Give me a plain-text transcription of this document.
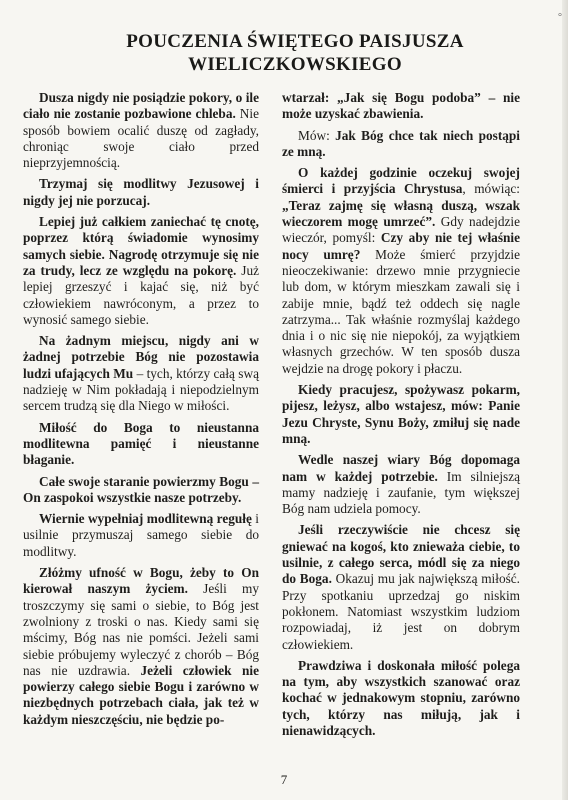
°
POUCZENIA ŚWIĘTEGO PAISJUSZA
WIELICZKOWSKIEGO

Dusza nigdy nie posiądzie pokory, o ile ciało nie zostanie pozbawione chleba. Nie sposób bowiem ocalić duszę od zagłady, chroniąc swoje ciało przed nieprzyjemnością.

Trzymaj się modlitwy Jezusowej i nigdy jej nie porzucaj.

Lepiej już całkiem zaniechać tę cnotę, poprzez którą świadomie wynosimy samych siebie. Nagrodę otrzymuje się nie za trudy, lecz ze względu na pokorę. Już lepiej grzeszyć i kajać się, niż być człowiekiem nawróconym, a przez to wynosić samego siebie.

Na żadnym miejscu, nigdy ani w żadnej potrzebie Bóg nie pozostawia ludzi ufających Mu – tych, którzy całą swą nadzieję w Nim pokładają i niepodzielnym sercem trudzą się dla Niego w miłości.

Miłość do Boga to nieustanna modlitewna pamięć i nieustanne błaganie.

Całe swoje staranie powierzmy Bogu – On zaspokoi wszystkie nasze potrzeby.

Wiernie wypełniaj modlitewną regułę i usilnie przymuszaj samego siebie do modlitwy.

Złóżmy ufność w Bogu, żeby to On kierował naszym życiem. Jeśli my troszczymy się sami o siebie, to Bóg jest zwolniony z troski o nas. Kiedy sami się mścimy, Bóg nas nie pomści. Jeżeli sami siebie próbujemy wyleczyć z chorób – Bóg nas nie uzdrawia. Jeżeli człowiek nie powierzy całego siebie Bogu i zarówno w niezbędnych potrzebach ciała, jak też w każdym nieszczęściu, nie będzie po-

wtarzał: „Jak się Bogu podoba” – nie może uzyskać zbawienia.

Mów: Jak Bóg chce tak niech postąpi ze mną.

O każdej godzinie oczekuj swojej śmierci i przyjścia Chrystusa, mówiąc: „Teraz zajmę się własną duszą, wszak wieczorem mogę umrzeć”. Gdy nadejdzie wieczór, pomyśl: Czy aby nie tej właśnie nocy umrę? Może śmierć przyjdzie nieoczekiwanie: drzewo mnie przygniecie lub dom, w którym mieszkam zawali się i zabije mnie, bądź też oddech się nagle zatrzyma... Tak właśnie rozmyślaj każdego dnia i o nic się nie niepokój, za wyjątkiem własnych grzechów. W ten sposób dusza wejdzie na drogę pokory i płaczu.

Kiedy pracujesz, spożywasz pokarm, pijesz, leżysz, albo wstajesz, mów: Panie Jezu Chryste, Synu Boży, zmiłuj się nade mną.

Wedle naszej wiary Bóg dopomaga nam w każdej potrzebie. Im silniejszą mamy nadzieję i zaufanie, tym większej Bóg nam udziela pomocy.

Jeśli rzeczywiście nie chcesz się gniewać na kogoś, kto znieważa ciebie, to usilnie, z całego serca, módl się za niego do Boga. Okazuj mu jak największą miłość. Przy spotkaniu uprzedzaj go niskim pokłonem. Natomiast wszystkim ludziom rozpowiadaj, iż jest on dobrym człowiekiem.

Prawdziwa i doskonała miłość polega na tym, aby wszystkich szanować oraz kochać w jednakowym stopniu, zarówno tych, którzy nas miłują, jak i nienawidzących.

7
